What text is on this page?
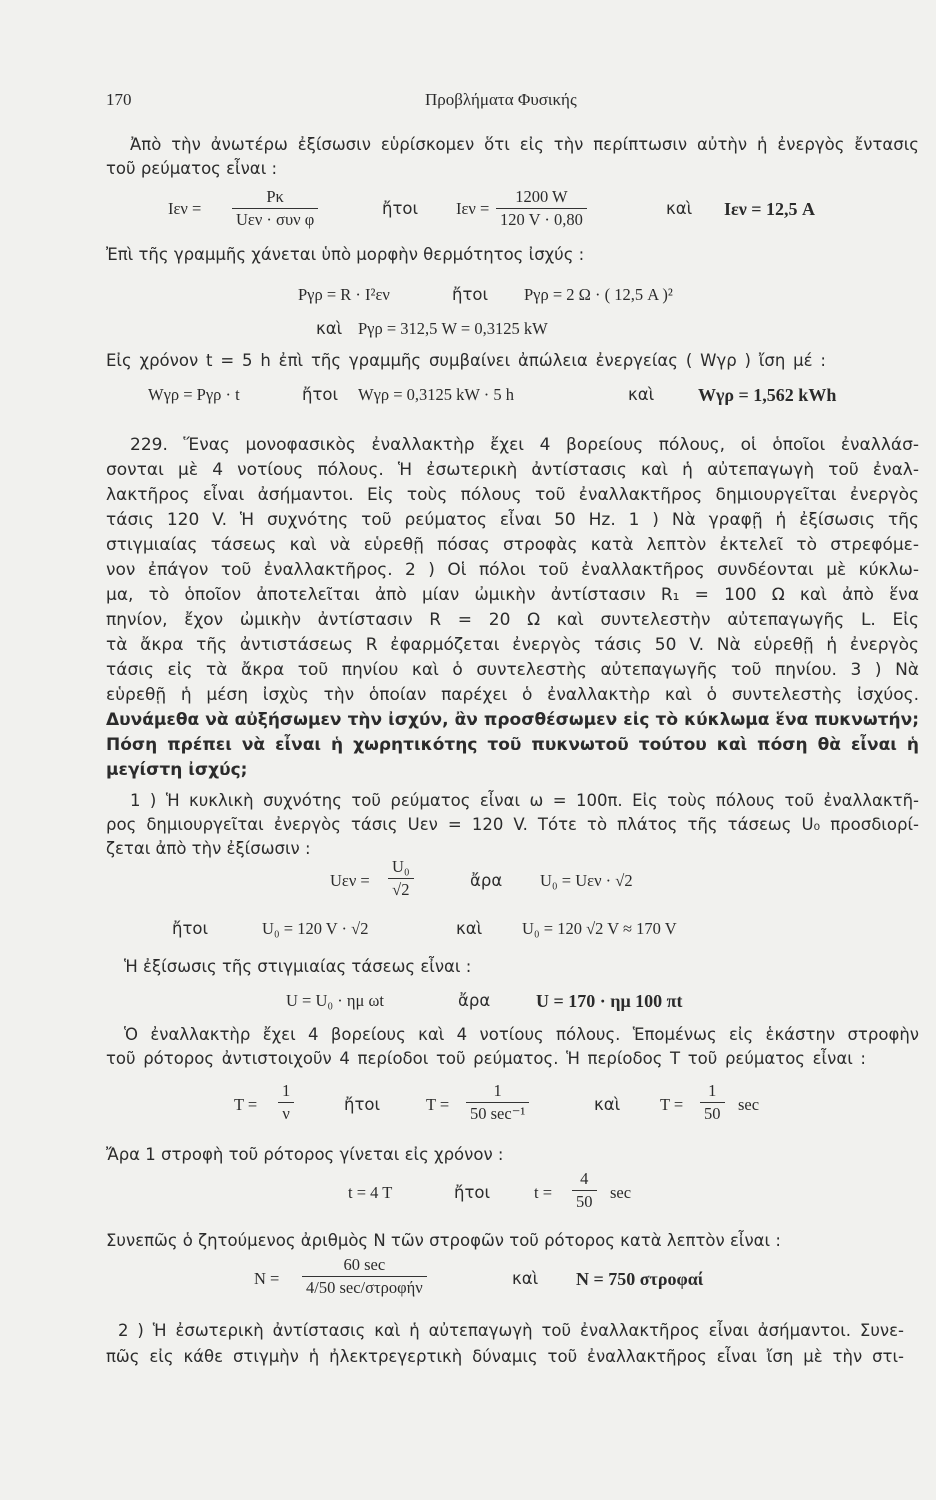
170	Προβλήματα Φυσικής
Ἀπὸ τὴν ἀνωτέρω ἐξίσωσιν εὑρίσκομεν ὅτι εἰς τὴν περίπτωσιν αὐτὴν ἡ ἐνεργὸς ἔντασις
τοῦ ρεύματος εἶναι :
Iεν =
Pκ
Uεν · συν φ
ἤτοι $I\varepsilon\nu = \frac{1200 W}{120 V \cdot 0,80}$	καὶ Iεν = 12,5 A
Ἐπὶ τῆς γραμμῆς χάνεται ὑπὸ μορφὴν θερμότητος ἰσχύς :
Pγρ = R · I²εν	ἤτοι Pγρ = 2 Ω · ( 12,5 A )²
καὶ Pγρ = 312,5 W = 0,3125 kW
Εἰς χρόνον t = 5 h ἐπὶ τῆς γραμμῆς συμβαίνει ἀπώλεια ἐνεργείας ( Wγρ ) ἴση μέ :
Wγρ = Pγρ · t	ἤτοι Wγρ = 0,3125 kW · 5 h	καὶ Wγρ = 1,562 kWh
229. Ἕνας μονοφασικὸς ἐναλλακτὴρ ἔχει 4 βορείους πόλους, οἱ ὁποῖοι ἐναλλάσ-
σονται μὲ 4 νοτίους πόλους. Ἡ ἐσωτερικὴ ἀντίστασις καὶ ἡ αὐτεπαγωγὴ τοῦ ἐναλ-
λακτῆρος εἶναι ἀσήμαντοι. Εἰς τοὺς πόλους τοῦ ἐναλλακτῆρος δημιουργεῖται ἐνεργὸς
τάσις 120 V. Ἡ συχνότης τοῦ ρεύματος εἶναι 50 Hz. 1 ) Νὰ γραφῇ ἡ ἐξίσωσις τῆς
στιγμιαίας τάσεως καὶ νὰ εὑρεθῇ πόσας στροφὰς κατὰ λεπτὸν ἐκτελεῖ τὸ στρεφόμε-
νον ἐπάγον τοῦ ἐναλλακτῆρος. 2 ) Οἱ πόλοι τοῦ ἐναλλακτῆρος συνδέονται μὲ κύκλω-
μα, τὸ ὁποῖον ἀποτελεῖται ἀπὸ μίαν ὠμικὴν ἀντίστασιν R₁ = 100 Ω καὶ ἀπὸ ἕνα
πηνίον, ἔχον ὠμικὴν ἀντίστασιν R = 20 Ω καὶ συντελεστὴν αὐτεπαγωγῆς L. Εἰς
τὰ ἄκρα τῆς ἀντιστάσεως R ἐφαρμόζεται ἐνεργὸς τάσις 50 V. Νὰ εὑρεθῇ ἡ ἐνεργὸς
τάσις εἰς τὰ ἄκρα τοῦ πηνίου καὶ ὁ συντελεστὴς αὐτεπαγωγῆς τοῦ πηνίου. 3 ) Νὰ
εὑρεθῇ ἡ μέση ἰσχὺς τὴν ὁποίαν παρέχει ὁ ἐναλλακτὴρ καὶ ὁ συντελεστὴς ἰσχύος.
Δυνάμεθα νὰ αὐξήσωμεν τὴν ἰσχύν, ἂν προσθέσωμεν εἰς τὸ κύκλωμα ἕνα πυκνωτήν;
Πόση πρέπει νὰ εἶναι ἡ χωρητικότης τοῦ πυκνωτοῦ τούτου καὶ πόση θὰ εἶναι ἡ
μεγίστη ἰσχύς;
1 ) Ἡ κυκλικὴ συχνότης τοῦ ρεύματος εἶναι ω = 100π. Εἰς τοὺς πόλους τοῦ ἐναλλακτῆ-
ρος δημιουργεῖται ἐνεργὸς τάσις Uεν = 120 V. Τότε τὸ πλάτος τῆς τάσεως U₀ προσδιορί-
ζεται ἀπὸ τὴν ἐξίσωσιν :
$U\varepsilon\nu = \frac{\text{U₀}}{√2}$	ἄρα U₀ = Uεν · √2
ἤτοι	U₀ = 120 V · √2	καὶ U₀ = 120 √2 V ≈ 170 V
Ἡ ἐξίσωσις τῆς στιγμιαίας τάσεως εἶναι :
U = U₀ · ημ ωt	ἄρα	U = 170 · ημ 100 πt
Ὁ ἐναλλακτὴρ ἔχει 4 βορείους καὶ 4 νοτίους πόλους. Ἑπομένως εἰς ἑκάστην στροφὴν
τοῦ ρότορος ἀντιστοιχοῦν 4 περίοδοι τοῦ ρεύματος. Ἡ περίοδος T τοῦ ρεύματος εἶναι :
$T = \frac{1}{\nu}$	ἤτοι	T =
1
50 sec⁻¹	καὶ $T = \frac{1}{50}$ sec
Ἄρα 1 στροφὴ τοῦ ρότορος γίνεται εἰς χρόνον :
t = 4 T	ἤτοι	$t = \frac{4}{50}$ sec
Συνεπῶς ὁ ζητούμενος ἀριθμὸς N τῶν στροφῶν τοῦ ρότορος κατὰ λεπτὸν εἶναι :
N =
60 sec
4/50 sec/στροφήν	καὶ N = 750 στροφαί
2 ) Ἡ ἐσωτερικὴ ἀντίστασις καὶ ἡ αὐτεπαγωγὴ τοῦ ἐναλλακτῆρος εἶναι ἀσήμαντοι. Συνε-
πῶς εἰς κάθε στιγμὴν ἡ ἠλεκτρεγερτικὴ δύναμις τοῦ ἐναλλακτῆρος εἶναι ἴση μὲ τὴν στι-
